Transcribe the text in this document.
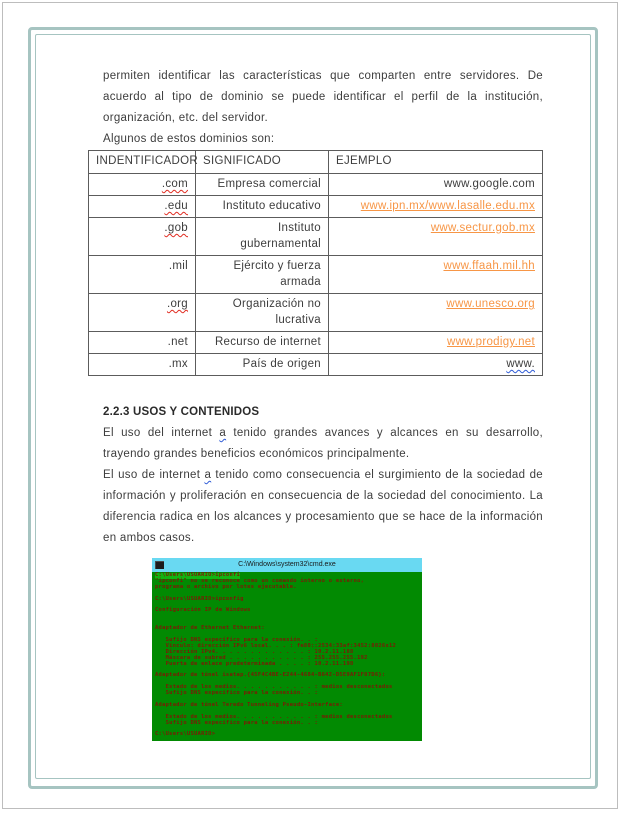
permiten identificar las características que comparten entre servidores. De acuerdo al tipo de dominio se puede identificar el perfil de la institución, organización, etc. del servidor.

Algunos de estos dominios son:

INDENTIFICADOR	SIGNIFICADO	EJEMPLO
.com	Empresa comercial	www.google.com
.edu	Instituto educativo	www.ipn.mx/www.lasalle.edu.mx
.gob	Instituto gubernamental	www.sectur.gob.mx
.mil	Ejército y fuerza armada	www.ffaah.mil.hh
.org	Organización no lucrativa	www.unesco.org
.net	Recurso de internet	www.prodigy.net
.mx	País de origen	www.
2.2.3 USOS Y CONTENIDOS

El uso del internet a tenido grandes avances y alcances en su desarrollo, trayendo grandes beneficios económicos principalmente.

El uso de internet a tenido como consecuencia el surgimiento de la sociedad de información y proliferación en consecuencia de la sociedad del conocimiento. La diferencia radica en los alcances y procesamiento que se hace de la información en ambos casos.

C:\Windows\system32\cmd.exe
C:\Users\USUARIO>ipconfi
"ipconfi" no se reconoce como un comando interno o externo,
programa o archivo por lotes ejecutable.
C:\Users\USUARIO>ipconfig
Configuración IP de Windows
Adaptador de Ethernet Ethernet:
Sufijo DNS específico para la conexión. . :
Vínculo: dirección IPv6 local. . . : fe80::2534:33af:3452:8026x12
Dirección IPv4. . . . . . . . . . . . . : 10.2.11.188
Máscara de subred . . . . . . . . . . . : 255.255.255.192
Puerta de enlace predeterminada . . . . : 10.2.11.190
Adaptador de túnel isatap.{45F4C4BE-E244-4684-B642-D5E9AF1F07D6}:
Estado de los medios. . . . . . . . . . . : medios desconectados
Sufijo DNS específico para la conexión. . :
Adaptador de túnel Teredo Tunneling Pseudo-Interface:
Estado de los medios. . . . . . . . . . . : medios desconectados
Sufijo DNS específico para la conexión. . :
C:\Users\USUARIO>
